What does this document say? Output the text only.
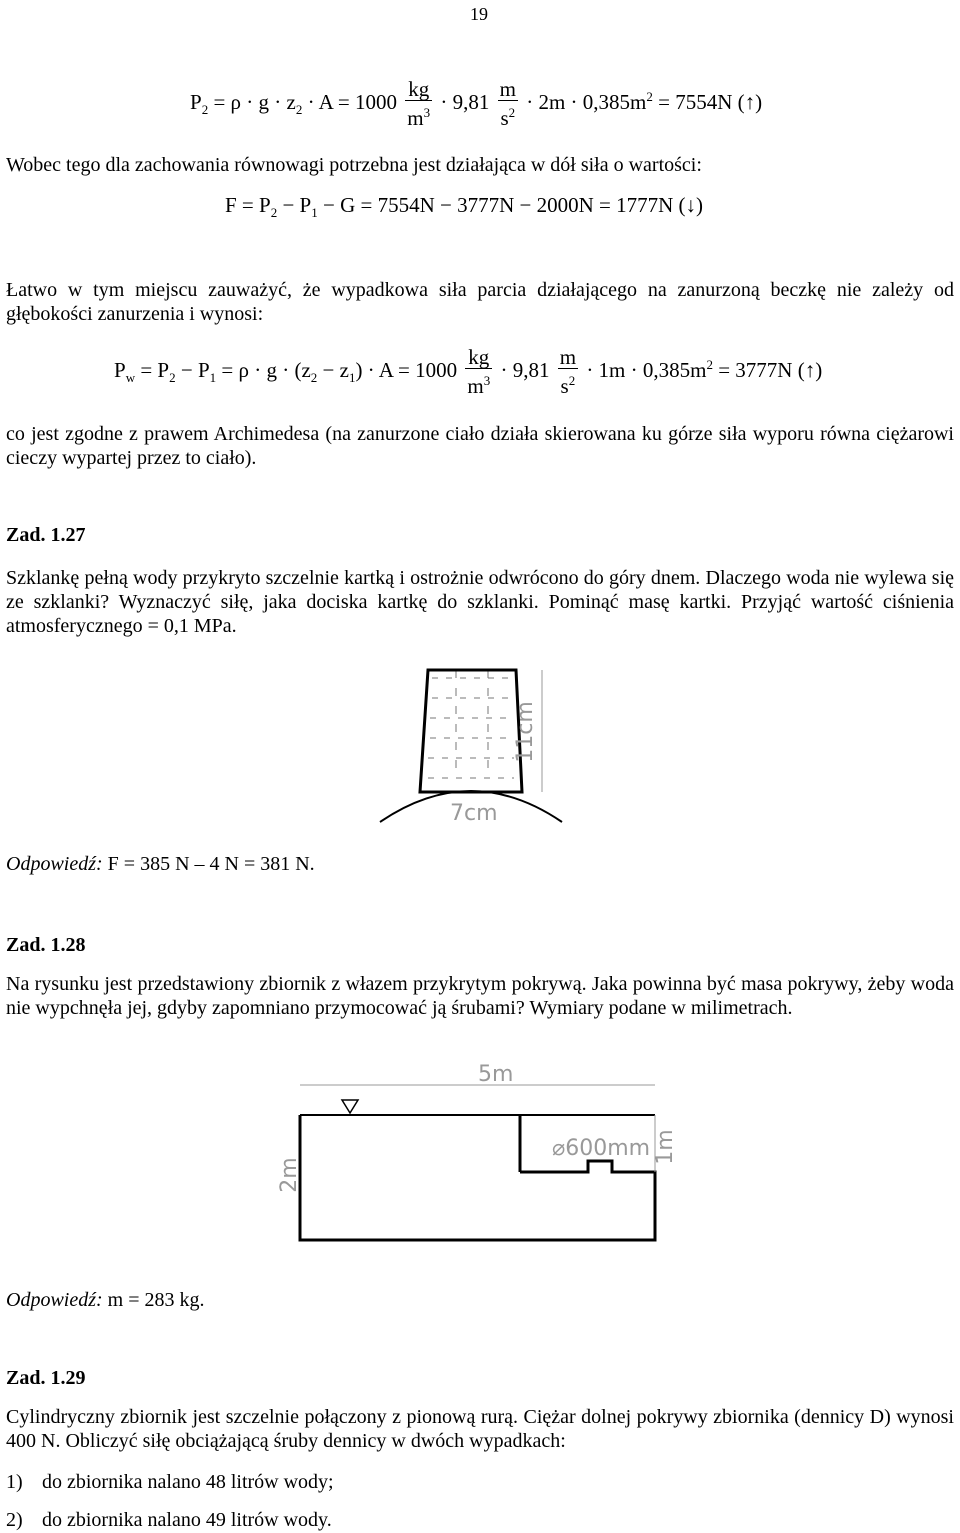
19
$P_2 = \rho \cdot g \cdot z_2 \cdot A = 1000 \frac{kg}{m^3} \cdot 9,81 \frac{m}{s^2} \cdot 2m \cdot 0,385m^2 = 7554N$ (↑)
Wobec tego dla zachowania równowagi potrzebna jest działająca w dół siła o wartości:
$F = P_2 - P_1 - G = 7554N - 3777N - 2000N = 1777N$ (↓)
Łatwo w tym miejscu zauważyć, że wypadkowa siła parcia działającego na zanurzoną beczkę nie zależy od głębokości zanurzenia i wynosi:
$P_w = P_2 - P_1 = \rho \cdot g \cdot (z_2 - z_1) \cdot A = 1000 \frac{kg}{m^3} \cdot 9,81 \frac{m}{s^2} \cdot 1m \cdot 0,385m^2 = 3777N$ (↑)
co jest zgodne z prawem Archimedesa (na zanurzone ciało działa skierowana ku górze siła wyporu równa ciężarowi cieczy wypartej przez to ciało).
Zad. 1.27
Szklankę pełną wody przykryto szczelnie kartką i ostrożnie odwrócono do góry dnem. Dlaczego woda nie wylewa się ze szklanki? Wyznaczyć siłę, jaka dociska kartkę do szklanki. Pominąć masę kartki. Przyjąć wartość ciśnienia atmosferycznego = 0,1 MPa.
11cm
7cm
Odpowiedź: F = 385 N – 4 N = 381 N.
Zad. 1.28
Na rysunku jest przedstawiony zbiornik z włazem przykrytym pokrywą. Jaka powinna być masa pokrywy, żeby woda nie wypchnęła jej, gdyby zapomniano przymocować ją śrubami? Wymiary podane w milimetrach.
5m
2m
⌀600mm 1m
Odpowiedź: m = 283 kg.
Zad. 1.29
Cylindryczny zbiornik jest szczelnie połączony z pionową rurą. Ciężar dolnej pokrywy zbiornika (dennicy D) wynosi 400 N. Obliczyć siłę obciążającą śruby dennicy w dwóch wypadkach:
1) do zbiornika nalano 48 litrów wody;
2) do zbiornika nalano 49 litrów wody.
